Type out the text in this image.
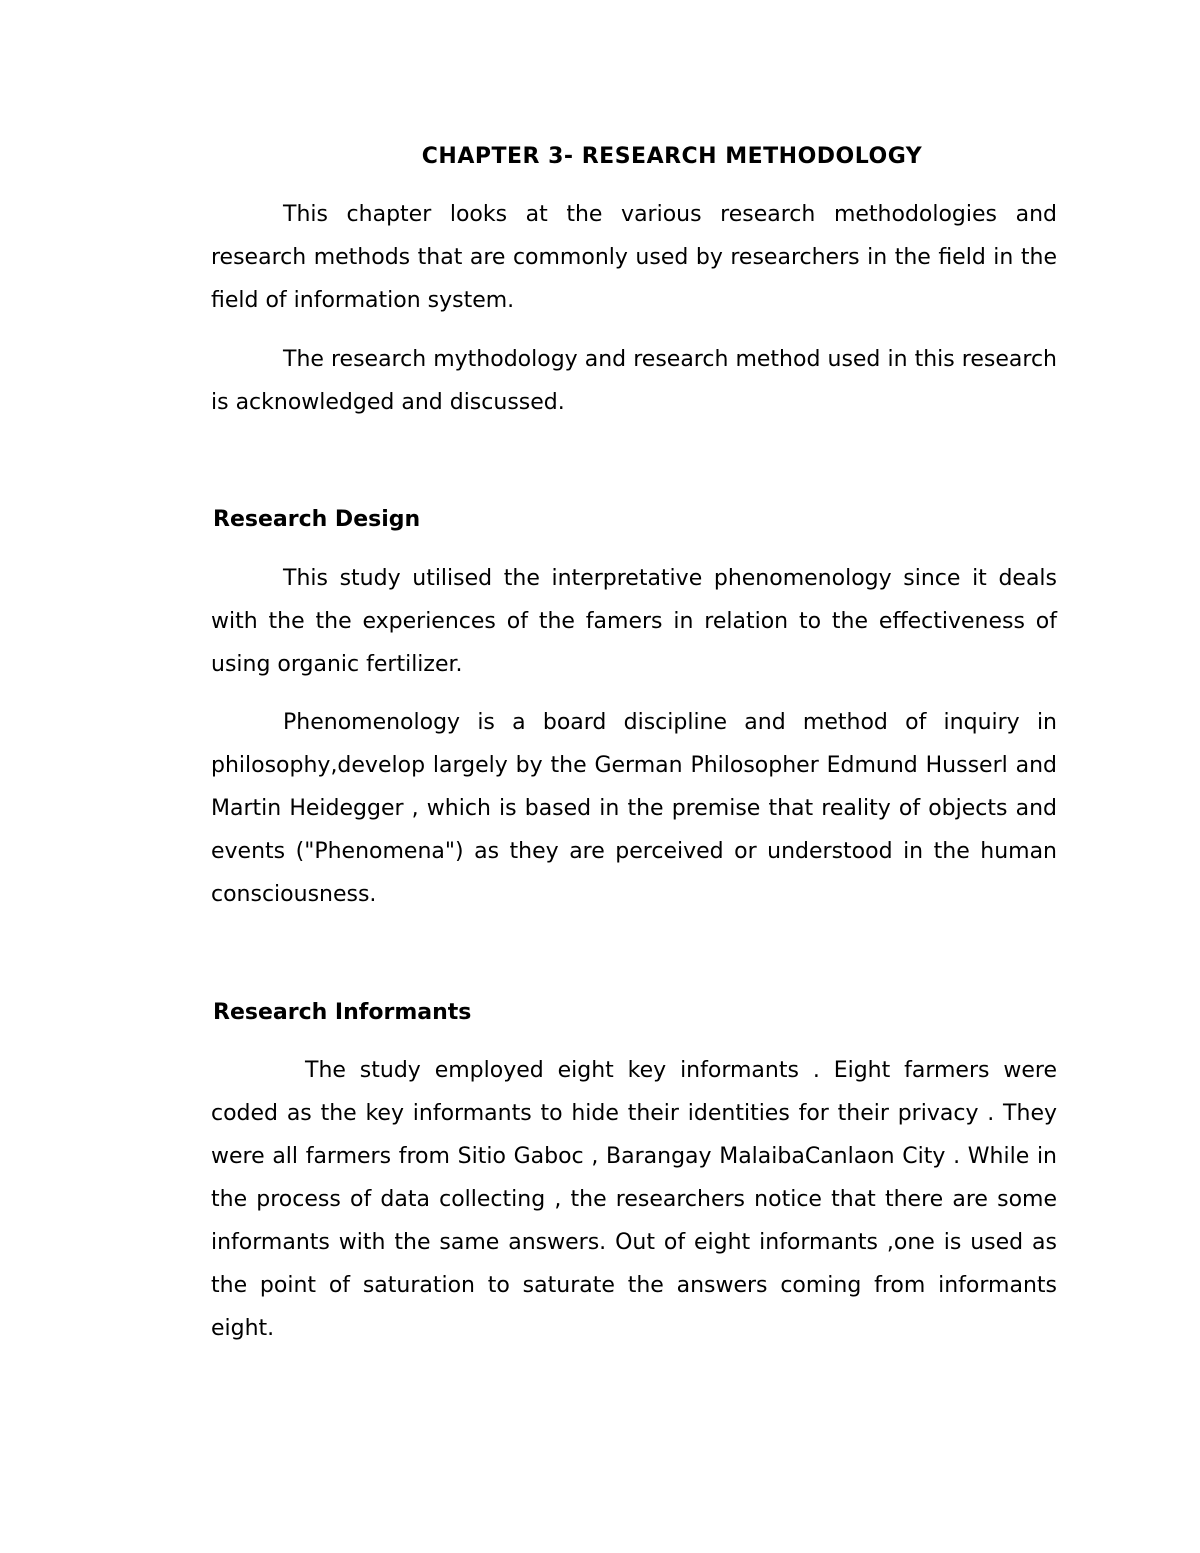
CHAPTER 3- RESEARCH METHODOLOGY

This chapter looks at the various research methodologies and research methods that are commonly used by researchers in the field in the field of information system.

The research mythodology and research method used in this research is acknowledged and discussed.

Research Design

This study utilised the interpretative phenomenology since it deals with the the experiences of the famers in relation to the effectiveness of using organic fertilizer.

Phenomenology is a board discipline and method of inquiry in philosophy,develop largely by the German Philosopher Edmund Husserl and Martin Heidegger , which is based in the premise that reality of objects and events ("Phenomena") as they are perceived or understood in the human consciousness.

Research Informants

The study employed eight key informants . Eight farmers were coded as the key informants to hide their identities for their privacy . They were all farmers from Sitio Gaboc , Barangay MalaibaCanlaon City . While in the process of data collecting , the researchers notice that there are some informants with the same answers. Out of eight informants ,one is used as the point of saturation to saturate the answers coming from informants eight.
